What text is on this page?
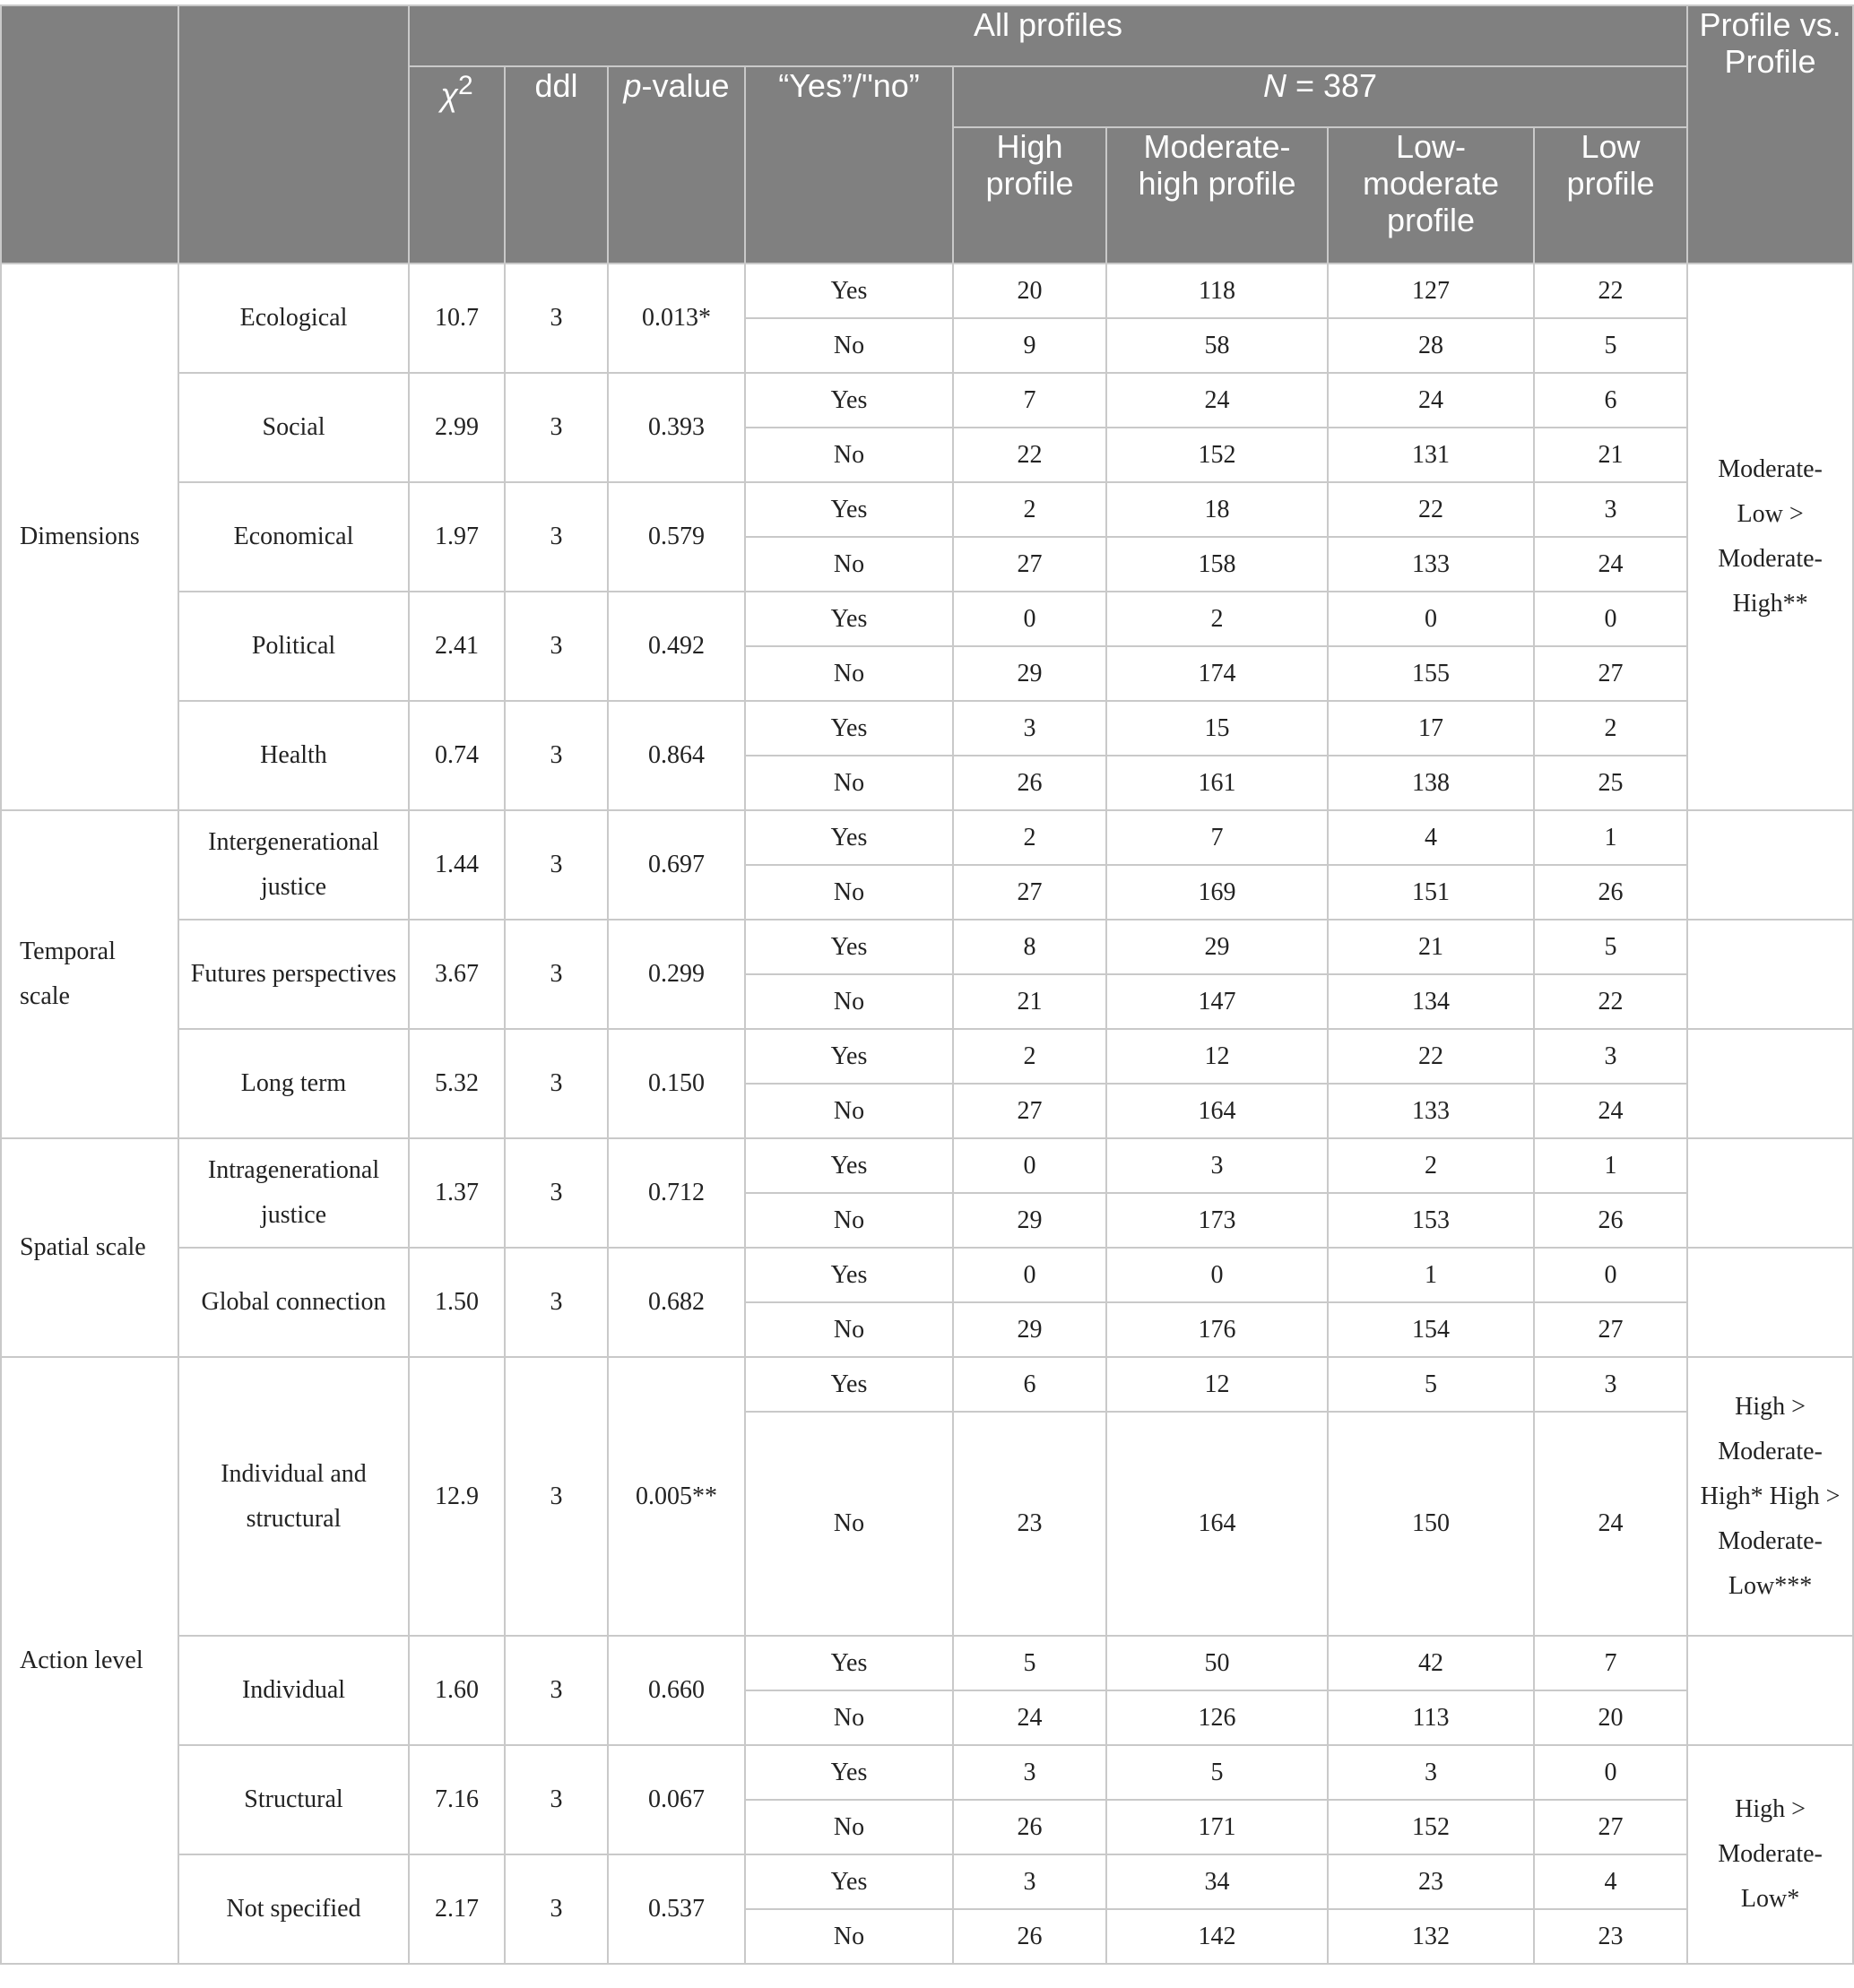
		All profiles								Profile vs. Profile
		$\chi^2$	ddl	p-value	“Yes”/"no”	N = 387				
						High profile	Moderate-high profile	Low-moderate profile	Low profile	
Dimensions	Ecological	10.7	3	0.013*	Yes	20	118	127	22	Moderate-Low > Moderate-High**
					No	9	58	28	5	
	Social	2.99	3	0.393	Yes	7	24	24	6	
					No	22	152	131	21	
	Economical	1.97	3	0.579	Yes	2	18	22	3	
					No	27	158	133	24	
	Political	2.41	3	0.492	Yes	0	2	0	0	
					No	29	174	155	27	
	Health	0.74	3	0.864	Yes	3	15	17	2	
					No	26	161	138	25	
Temporal scale	Intergenerational justice	1.44	3	0.697	Yes	2	7	4	1	
					No	27	169	151	26	
	Futures perspectives	3.67	3	0.299	Yes	8	29	21	5	
					No	21	147	134	22	
	Long term	5.32	3	0.150	Yes	2	12	22	3	
					No	27	164	133	24	
Spatial scale	Intragenerational justice	1.37	3	0.712	Yes	0	3	2	1	
					No	29	173	153	26	
	Global connection	1.50	3	0.682	Yes	0	0	1	0	
					No	29	176	154	27	
Action level	Individual and structural	12.9	3	0.005**	Yes	6	12	5	3	High > Moderate-High* High > Moderate-Low***
					No	23	164	150	24	
	Individual	1.60	3	0.660	Yes	5	50	42	7	
					No	24	126	113	20	
	Structural	7.16	3	0.067	Yes	3	5	3	0	High > Moderate-Low*
					No	26	171	152	27	
	Not specified	2.17	3	0.537	Yes	3	34	23	4	
					No	26	142	132	23	
